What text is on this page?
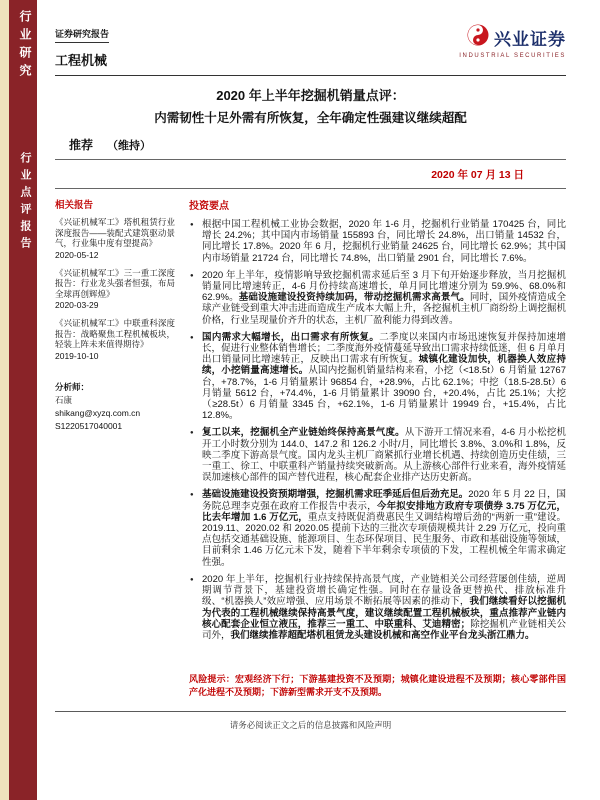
行业研究
行业点评报告
证券研究报告
工程机械
兴业证券
INDUSTRIAL SECURITIES
2020 年上半年挖掘机销量点评：
内需韧性十足外需有所恢复，全年确定性强建议继续超配
推荐 （维持）
2020 年 07 月 13 日
相关报告
《兴证机械军工》塔机租赁行业深度报告——装配式建筑驱动景气，行业集中度有望提高》
2020-05-12
《兴证机械军工》三一重工深度报告：行业龙头强者恒强，布局全球再创辉煌》
2020-03-29
《兴证机械军工》中联重科深度报告：战略聚焦工程机械板块，轻装上阵未来值得期待》
2019-10-10
分析师：
石康
shikang@xyzq.com.cn
S1220517040001
投资要点
● 根据中国工程机械工业协会数据，2020 年 1-6 月，挖掘机行业销量 170425 台，同比增长 24.2%；其中国内市场销量 155893 台，同比增长 24.8%，出口销量 14532 台，同比增长 17.8%。2020 年 6 月，挖掘机行业销量 24625 台，同比增长 62.9%；其中国内市场销量 21724 台，同比增长 74.8%，出口销量 2901 台，同比增长 7.6%。
● 2020 年上半年，疫情影响导致挖掘机需求延后至 3 月下旬开始逐步释放，当月挖掘机销量同比增速转正，4-6 月份持续高速增长，单月同比增速分别为 59.9%、68.0%和 62.9%。基础设施建设投资持续加码，带动挖掘机需求高景气。同时，国外疫情造成全球产业链受到重大冲击进而造成生产成本大幅上升，各挖掘机主机厂商纷纷上调挖掘机价格，行业呈现量价齐升的状态，主机厂盈利能力得到改善。
● 国内需求大幅增长，出口需求有所恢复。二季度以来国内市场迅速恢复并保持加速增长，促进行业整体销售增长；二季度海外疫情蔓延导致出口需求持续低迷，但 6 月单月出口销量同比增速转正，反映出口需求有所恢复。城镇化建设加快，机器换人效应持续，小挖销量高速增长。从国内挖掘机销量结构来看，小挖（<18.5t）6 月销量 12767 台，+78.7%，1-6 月销量累计 96854 台，+28.9%，占比 62.1%；中挖（18.5-28.5t）6 月销量 5612 台，+74.4%，1-6 月销量累计 39090 台，+20.4%，占比 25.1%；大挖（≥28.5t）6 月销量 3345 台，+62.1%，1-6 月销量累计 19949 台，+15.4%，占比 12.8%。
● 复工以来，挖掘机全产业链始终保持高景气度。从下游开工情况来看，4-6 月小松挖机开工小时数分别为 144.0、147.2 和 126.2 小时/月，同比增长 3.8%、3.0%和 1.8%，反映二季度下游高景气度。国内龙头主机厂商紧抓行业增长机遇、持续创造历史佳绩，三一重工、徐工、中联重科产销量持续突破新高。从上游核心部件行业来看，海外疫情延误加速核心部件的国产替代进程，核心配套企业排产达历史新高。
● 基础设施建设投资预期增强，挖掘机需求旺季延后但后劲充足。2020 年 5 月 22 日，国务院总理李克强在政府工作报告中表示，今年拟安排地方政府专项债券 3.75 万亿元，比去年增加 1.6 万亿元，重点支持既促消费惠民生又调结构增后劲的“两新一重”建设。2019.11、2020.02 和 2020.05 提前下达的三批次专项债规模共计 2.29 万亿元，投向重点包括交通基础设施、能源项目、生态环保项目、民生服务、市政和基础设施等领域，目前剩余 1.46 万亿元未下发，随着下半年剩余专项债的下发，工程机械全年需求确定性强。
● 2020 年上半年，挖掘机行业持续保持高景气度，产业链相关公司经营屡创佳绩，逆周期调节背景下，基建投资增长确定性强。同时在存量设备更替换代、排放标准升级、“机器换人”效应增强、应用场景不断拓展等因素的推动下，我们继续看好以挖掘机为代表的工程机械继续保持高景气度，建议继续配置工程机械板块，重点推荐产业链内核心配套企业恒立液压，推荐三一重工、中联重科、艾迪精密；除挖掘机产业链相关公司外，我们继续推荐超配塔机租赁龙头建设机械和高空作业平台龙头浙江鼎力。
风险提示：宏观经济下行；下游基建投资不及预期；城镇化建设进程不及预期；核心零部件国产化进程不及预期；下游新型需求开支不及预期。
请务必阅读正文之后的信息披露和风险声明
